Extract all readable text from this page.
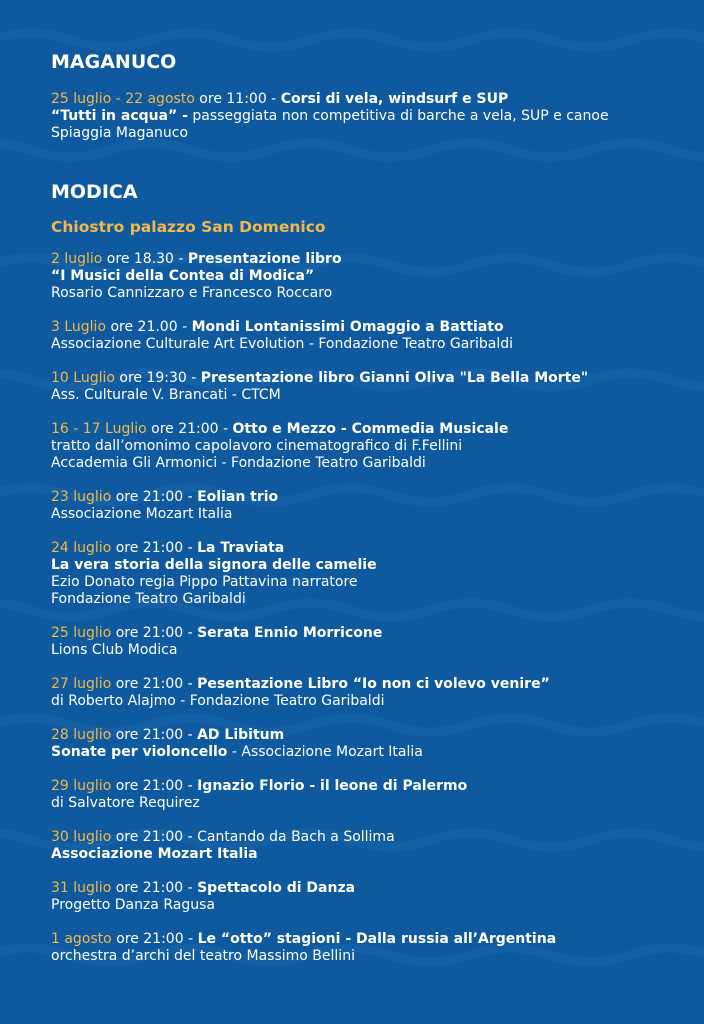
MAGANUCO
25 luglio - 22 agosto ore 11:00 - Corsi di vela, windsurf e SUP
“Tutti in acqua” - passeggiata non competitiva di barche a vela, SUP e canoe
Spiaggia Maganuco
MODICA
Chiostro palazzo San Domenico
2 luglio ore 18.30 - Presentazione libro
“I Musici della Contea di Modica”
Rosario Cannizzaro e Francesco Roccaro
3 Luglio ore 21.00 - Mondi Lontanissimi Omaggio a Battiato
Associazione Culturale Art Evolution - Fondazione Teatro Garibaldi
10 Luglio ore 19:30 - Presentazione libro Gianni Oliva "La Bella Morte"
Ass. Culturale V. Brancati - CTCM
16 - 17 Luglio ore 21:00 - Otto e Mezzo - Commedia Musicale
tratto dall’omonimo capolavoro cinematografico di F.Fellini
Accademia Gli Armonici - Fondazione Teatro Garibaldi
23 luglio ore 21:00 - Eolian trio
Associazione Mozart Italia
24 luglio ore 21:00 - La Traviata
La vera storia della signora delle camelie
Ezio Donato regia Pippo Pattavina narratore
Fondazione Teatro Garibaldi
25 luglio ore 21:00 - Serata Ennio Morricone
Lions Club Modica
27 luglio ore 21:00 - Pesentazione Libro “Io non ci volevo venire”
di Roberto Alajmo - Fondazione Teatro Garibaldi
28 luglio ore 21:00 - AD Libitum
Sonate per violoncello - Associazione Mozart Italia
29 luglio ore 21:00 - Ignazio Florio - il leone di Palermo
di Salvatore Requirez
30 luglio ore 21:00 - Cantando da Bach a Sollima
Associazione Mozart Italia
31 luglio ore 21:00 - Spettacolo di Danza
Progetto Danza Ragusa
1 agosto ore 21:00 - Le “otto” stagioni - Dalla russia all’Argentina
orchestra d’archi del teatro Massimo Bellini
